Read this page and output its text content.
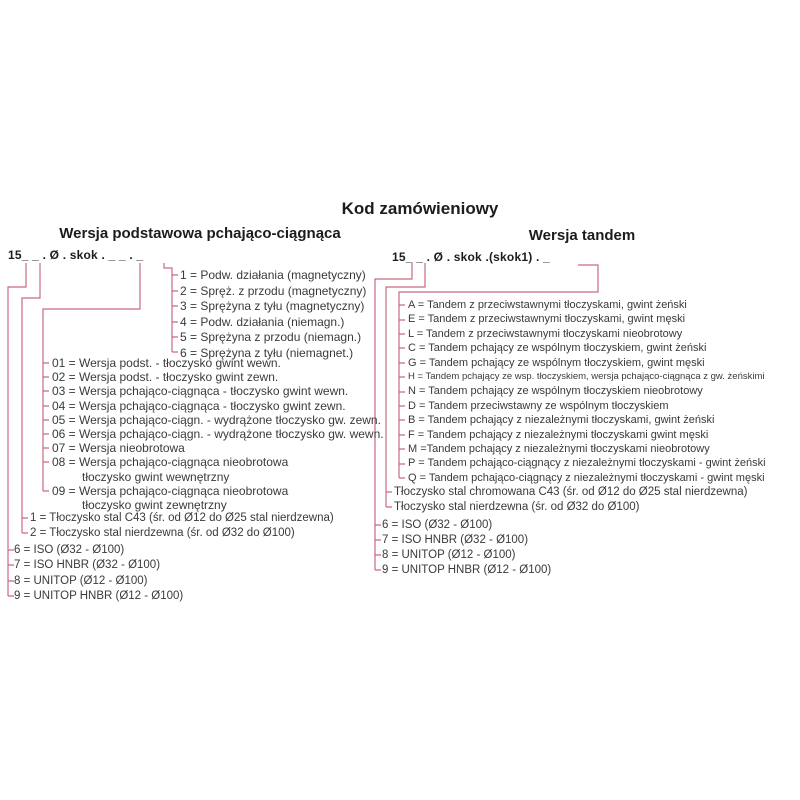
Kod zamówieniowy
Wersja podstawowa pchająco-ciągnąca	Wersja tandem
15_ _ . Ø . skok . _ _ . _	15_ _ . Ø . skok .(skok1) . _
1 = Podw. działania (magnetyczny)
2 = Spręż. z przodu (magnetyczny)
3 = Sprężyna z tyłu (magnetyczny)
4 = Podw. działania (niemagn.)
5 = Sprężyna z przodu (niemagn.)
6 = Sprężyna z tyłu (niemagnet.)
01 = Wersja podst. - tłoczysko gwint wewn.
02 = Wersja podst. - tłoczysko gwint zewn.
03 = Wersja pchająco-ciągnąca - tłoczysko gwint wewn.
04 = Wersja pchająco-ciągnąca - tłoczysko gwint zewn.
05 = Wersja pchająco-ciągn. - wydrążone tłoczysko gw. zewn.
06 = Wersja pchająco-ciągn. - wydrążone tłoczysko gw. wewn.
07 = Wersja nieobrotowa
08 = Wersja pchająco-ciągnąca nieobrotowa
tłoczysko gwint wewnętrzny
09 = Wersja pchająco-ciągnąca nieobrotowa
tłoczysko gwint zewnętrzny
1 = Tłoczysko stal C43 (śr. od Ø12 do Ø25 stal nierdzewna)
2 = Tłoczysko stal nierdzewna (śr. od Ø32 do Ø100)
6 = ISO (Ø32 - Ø100)
7 = ISO HNBR (Ø32 - Ø100)
8 = UNITOP (Ø12 - Ø100)
9 = UNITOP HNBR (Ø12 - Ø100)
A = Tandem z przeciwstawnymi tłoczyskami, gwint żeński
E = Tandem z przeciwstawnymi tłoczyskami, gwint męski
L = Tandem z przeciwstawnymi tłoczyskami nieobrotowy
C = Tandem pchający ze wspólnym tłoczyskiem, gwint żeński
G = Tandem pchający ze wspólnym tłoczyskiem, gwint męski
H = Tandem pchający ze wsp. tłoczyskiem, wersja pchająco-ciągnąca z gw. żeńskimi
N = Tandem pchający ze wspólnym tłoczyskiem nieobrotowy
D = Tandem przeciwstawny ze wspólnym tłoczyskiem
B = Tandem pchający z niezależnymi tłoczyskami, gwint żeński
F = Tandem pchający z niezależnymi tłoczyskami gwint męski
M =Tandem pchający z niezależnymi tłoczyskami nieobrotowy
P = Tandem pchająco-ciągnący z niezależnymi tłoczyskami - gwint żeński
Q = Tandem pchająco-ciągnący z niezależnymi tłoczyskami - gwint męski
Tłoczysko stal chromowana C43 (śr. od Ø12 do Ø25 stal nierdzewna)
Tłoczysko stal nierdzewna (śr. od Ø32 do Ø100)
6 = ISO (Ø32 - Ø100)
7 = ISO HNBR (Ø32 - Ø100)
8 = UNITOP (Ø12 - Ø100)
9 = UNITOP HNBR (Ø12 - Ø100)
